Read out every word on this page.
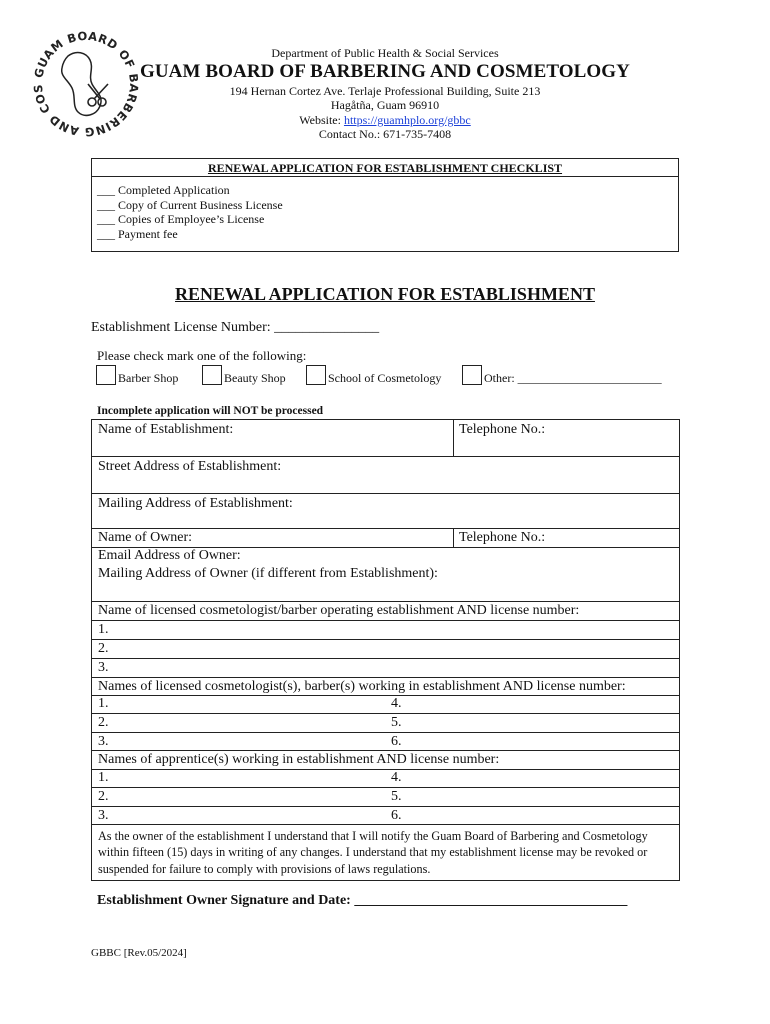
GUAM BOARD OF BARBERING AND COS
Department of Public Health & Social Services
GUAM BOARD OF BARBERING AND COSMETOLOGY
194 Hernan Cortez Ave. Terlaje Professional Building, Suite 213
Hagåtña, Guam 96910
Website: https://guamhplo.org/gbbc
Contact No.: 671-735-7408
RENEWAL APPLICATION FOR ESTABLISHMENT CHECKLIST
___ Completed Application
___ Copy of Current Business License
___ Copies of Employee’s License
___ Payment fee
RENEWAL APPLICATION FOR ESTABLISHMENT
Establishment License Number: _______________
Please check mark one of the following:
Barber Shop	Beauty Shop	School of Cosmetology	Other: ________________________
Incomplete application will NOT be processed
Name of Establishment:	Telephone No.:
Street Address of Establishment:
Mailing Address of Establishment:
Name of Owner:	Telephone No.:
Email Address of Owner:
Mailing Address of Owner (if different from Establishment):
Name of licensed cosmetologist/barber operating establishment AND license number:
1.
2.
3.
Names of licensed cosmetologist(s), barber(s) working in establishment AND license number:
1.	4.
2.	5.
3.	6.
Names of apprentice(s) working in establishment AND license number:
1.	4.
2.	5.
3.	6.
As the owner of the establishment I understand that I will notify the Guam Board of Barbering and Cosmetology within fifteen (15) days in writing of any changes. I understand that my establishment license may be revoked or suspended for failure to comply with provisions of laws regulations.
Establishment Owner Signature and Date: _______________________________________
GBBC [Rev.05/2024]
